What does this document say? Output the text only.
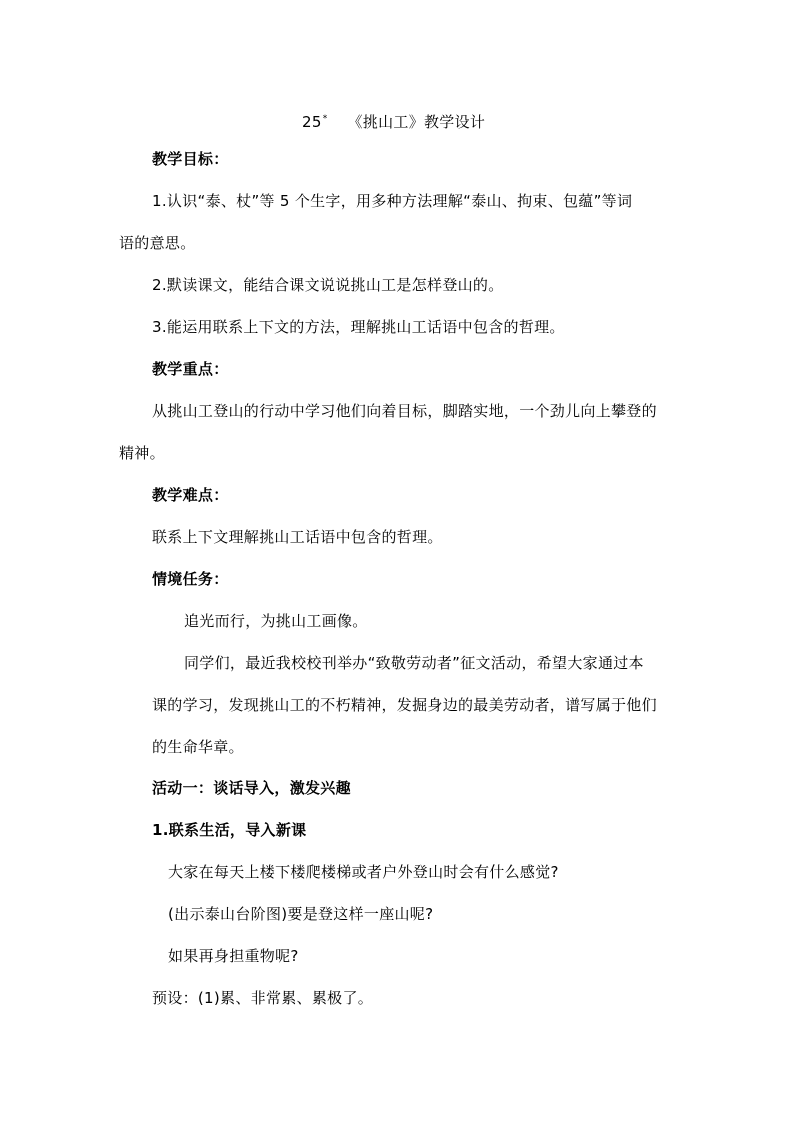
25* 《挑山工》教学设计
教学目标：
1.认识“泰、杖”等 5 个生字，用多种方法理解“泰山、拘束、包蕴”等词
语的意思。
2.默读课文，能结合课文说说挑山工是怎样登山的。
3.能运用联系上下文的方法，理解挑山工话语中包含的哲理。
教学重点：
从挑山工登山的行动中学习他们向着目标，脚踏实地，一个劲儿向上攀登的
精神。
教学难点：
联系上下文理解挑山工话语中包含的哲理。
情境任务：
追光而行，为挑山工画像。
同学们，最近我校校刊举办“致敬劳动者”征文活动，希望大家通过本
课的学习，发现挑山工的不朽精神，发掘身边的最美劳动者，谱写属于他们
的生命华章。
活动一：谈话导入，激发兴趣
1.联系生活，导入新课
大家在每天上楼下楼爬楼梯或者户外登山时会有什么感觉?
(出示泰山台阶图)要是登这样一座山呢?
如果再身担重物呢?
预设：(1)累、非常累、累极了。
